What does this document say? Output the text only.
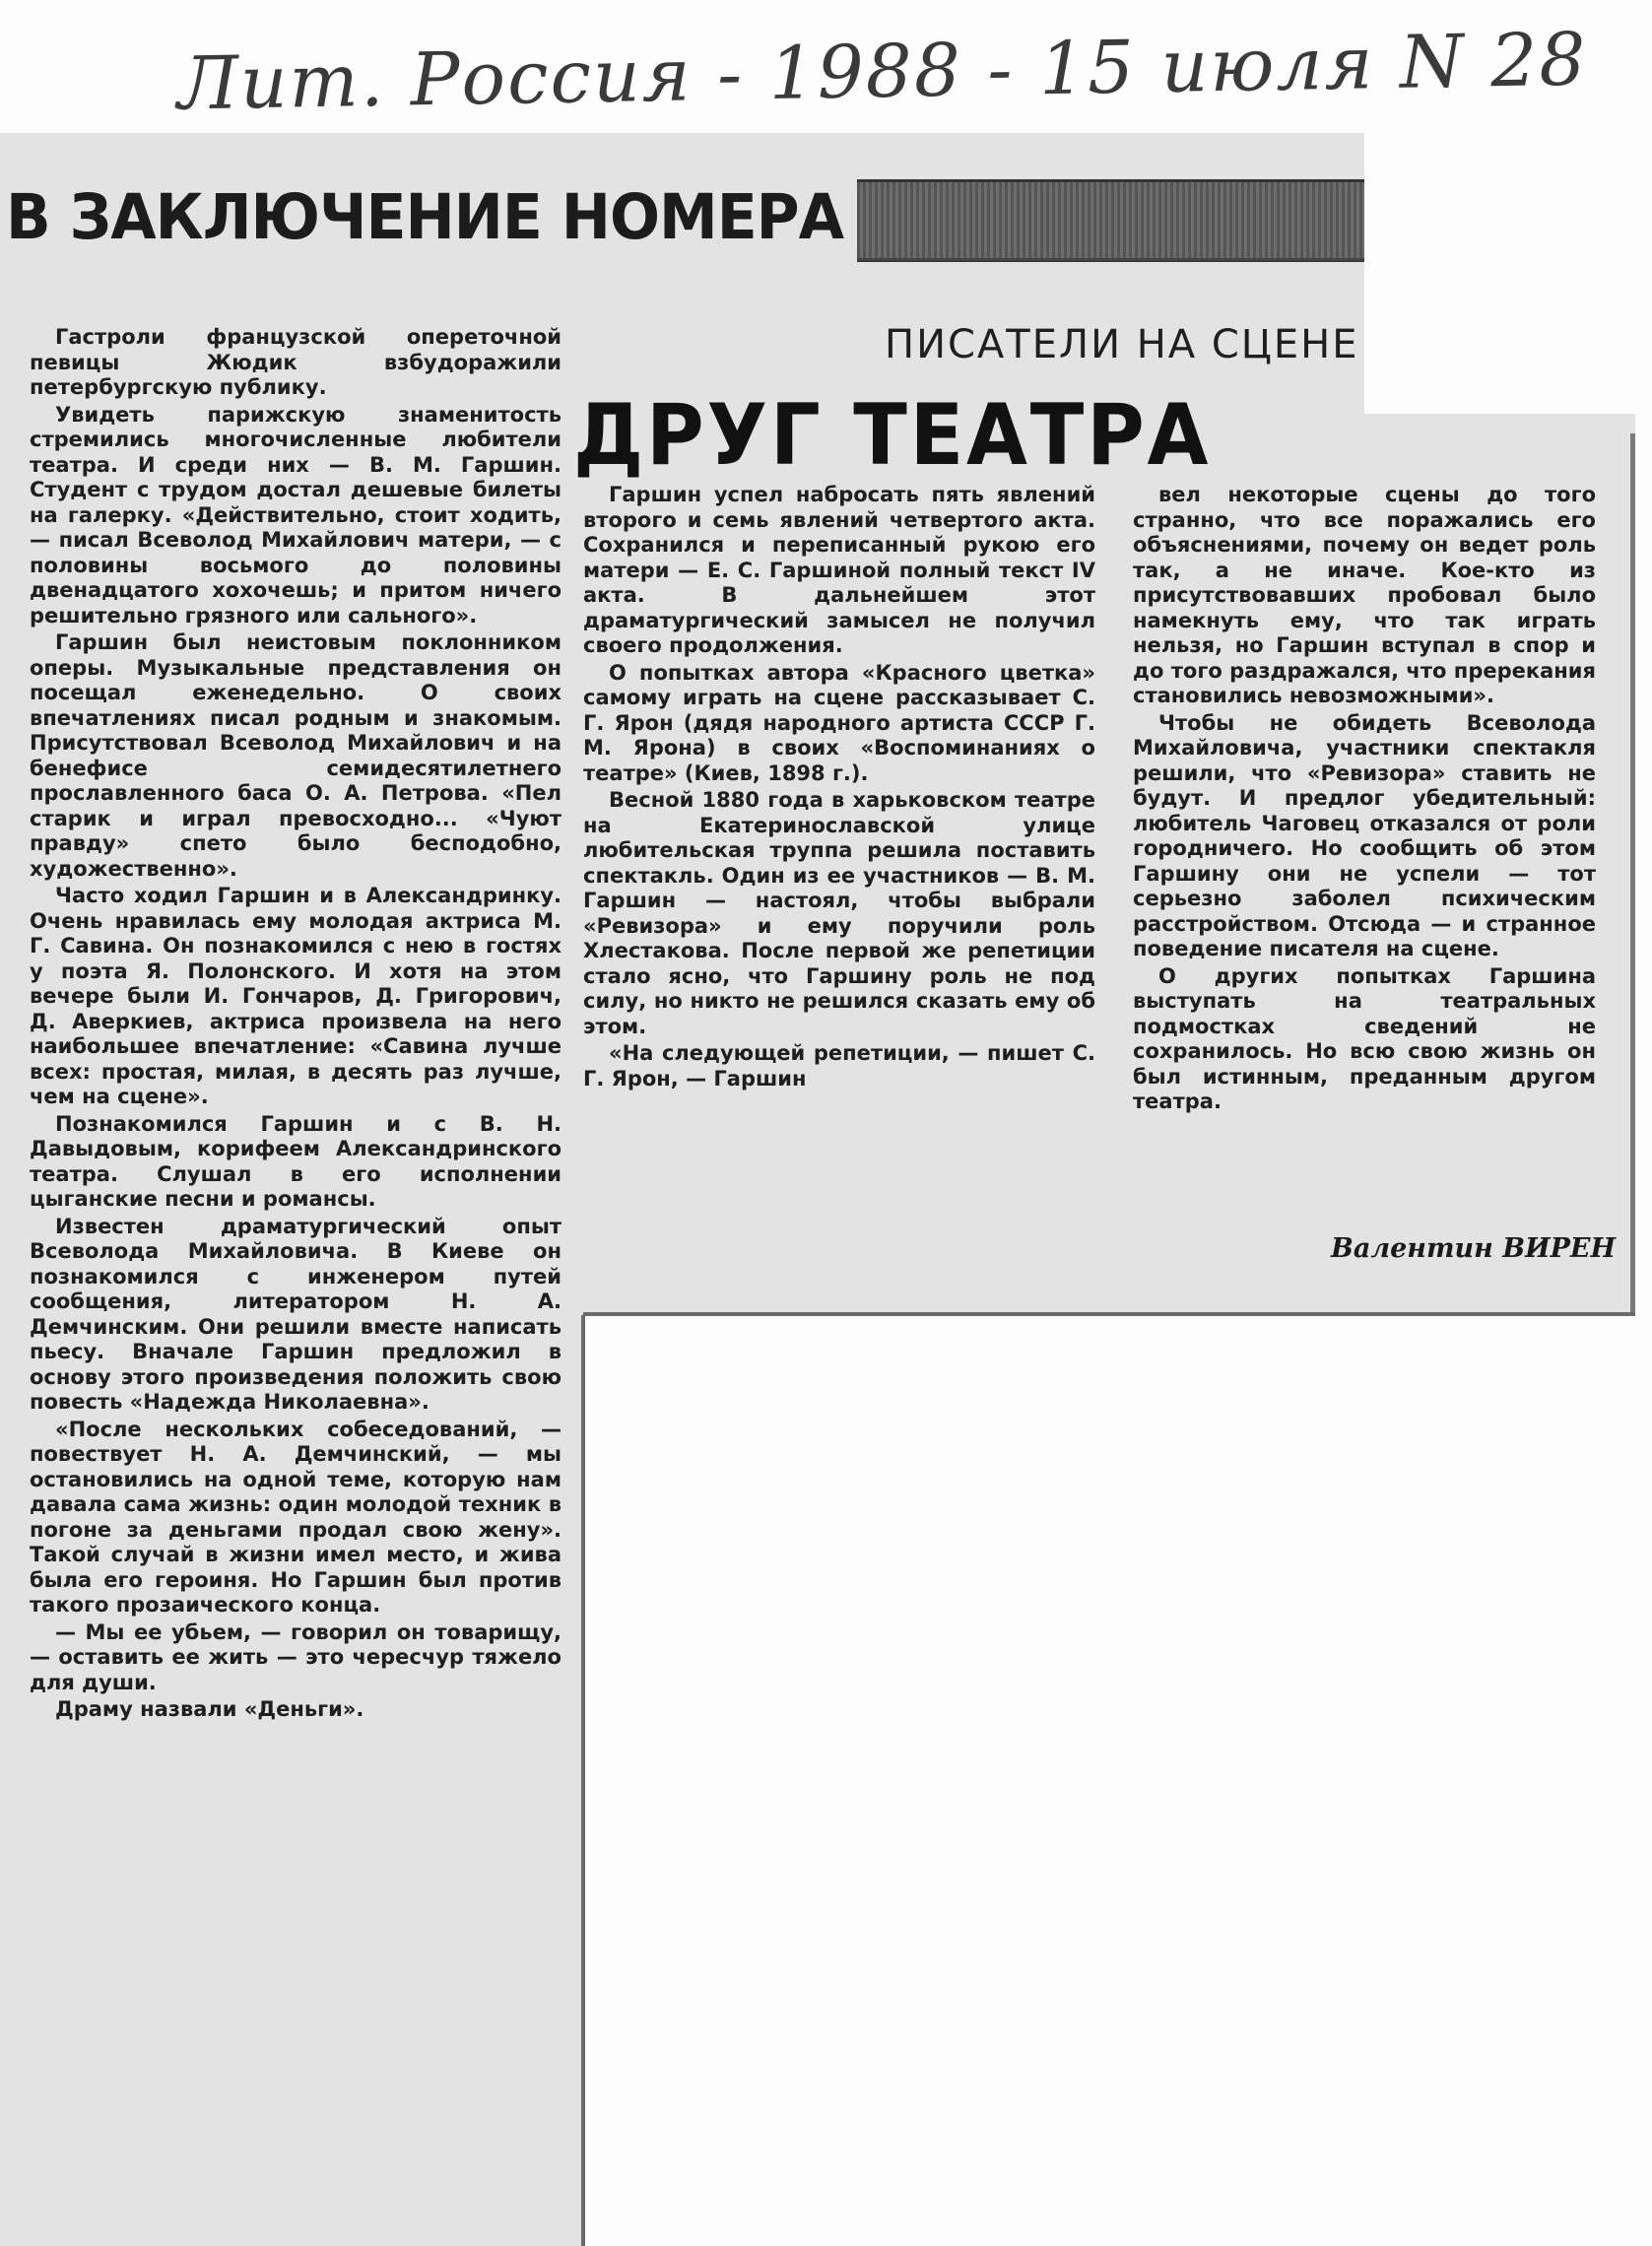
Лит. Россия - 1988 - 15 июля N 28
В ЗАКЛЮЧЕНИЕ НОМЕРА
ПИСАТЕЛИ НА СЦЕНЕ
ДРУГ ТЕАТРА

Гастроли французской опереточной певицы Жюдик взбудоражили петербургскую публику.

Увидеть парижскую знаменитость стремились многочисленные любители театра. И среди них — В. М. Гаршин. Студент с трудом достал дешевые билеты на галерку. «Действительно, стоит ходить, — писал Всеволод Михайлович матери, — с половины восьмого до половины двенадцатого хохочешь; и притом ничего решительно грязного или сального».

Гаршин был неистовым поклонником оперы. Музыкальные представления он посещал еженедельно. О своих впечатлениях писал родным и знакомым. Присутствовал Всеволод Михайлович и на бенефисе семидесятилетнего прославленного баса О. А. Петрова. «Пел старик и играл превосходно... «Чуют правду» спето было бесподобно, художественно».

Часто ходил Гаршин и в Александринку. Очень нравилась ему молодая актриса М. Г. Савина. Он познакомился с нею в гостях у поэта Я. Полонского. И хотя на этом вечере были И. Гончаров, Д. Григорович, Д. Аверкиев, актриса произвела на него наибольшее впечатление: «Савина лучше всех: простая, милая, в десять раз лучше, чем на сцене».

Познакомился Гаршин и с В. Н. Давыдовым, корифеем Александринского театра. Слушал в его исполнении цыганские песни и романсы.

Известен драматургический опыт Всеволода Михайловича. В Киеве он познакомился с инженером путей сообщения, литератором Н. А. Демчинским. Они решили вместе написать пьесу. Вначале Гаршин предложил в основу этого произведения положить свою повесть «Надежда Николаевна».

«После нескольких собеседований, — повествует Н. А. Демчинский, — мы остановились на одной теме, которую нам давала сама жизнь: один молодой техник в погоне за деньгами продал свою жену». Такой случай в жизни имел место, и жива была его героиня. Но Гаршин был против такого прозаического конца.

— Мы ее убьем, — говорил он товарищу, — оставить ее жить — это чересчур тяжело для души.

Драму назвали «Деньги».

Гаршин успел набросать пять явлений второго и семь явлений четвертого акта. Сохранился и переписанный рукою его матери — Е. С. Гаршиной полный текст IV акта. В дальнейшем этот драматургический замысел не получил своего продолжения.

О попытках автора «Красного цветка» самому играть на сцене рассказывает С. Г. Ярон (дядя народного артиста СССР Г. М. Ярона) в своих «Воспоминаниях о театре» (Киев, 1898 г.).

Весной 1880 года в харьковском театре на Екатеринославской улице любительская труппа решила поставить спектакль. Один из ее участников — В. М. Гаршин — настоял, чтобы выбрали «Ревизора» и ему поручили роль Хлестакова. После первой же репетиции стало ясно, что Гаршину роль не под силу, но никто не решился сказать ему об этом.

«На следующей репетиции, — пишет С. Г. Ярон, — Гаршин

вел некоторые сцены до того странно, что все поражались его объяснениями, почему он ведет роль так, а не иначе. Кое-кто из присутствовавших пробовал было намекнуть ему, что так играть нельзя, но Гаршин вступал в спор и до того раздражался, что пререкания становились невозможными».

Чтобы не обидеть Всеволода Михайловича, участники спектакля решили, что «Ревизора» ставить не будут. И предлог убедительный: любитель Чаговец отказался от роли городничего. Но сообщить об этом Гаршину они не успели — тот серьезно заболел психическим расстройством. Отсюда — и странное поведение писателя на сцене.

О других попытках Гаршина выступать на театральных подмостках сведений не сохранилось. Но всю свою жизнь он был истинным, преданным другом театра.

Валентин ВИРЕН
